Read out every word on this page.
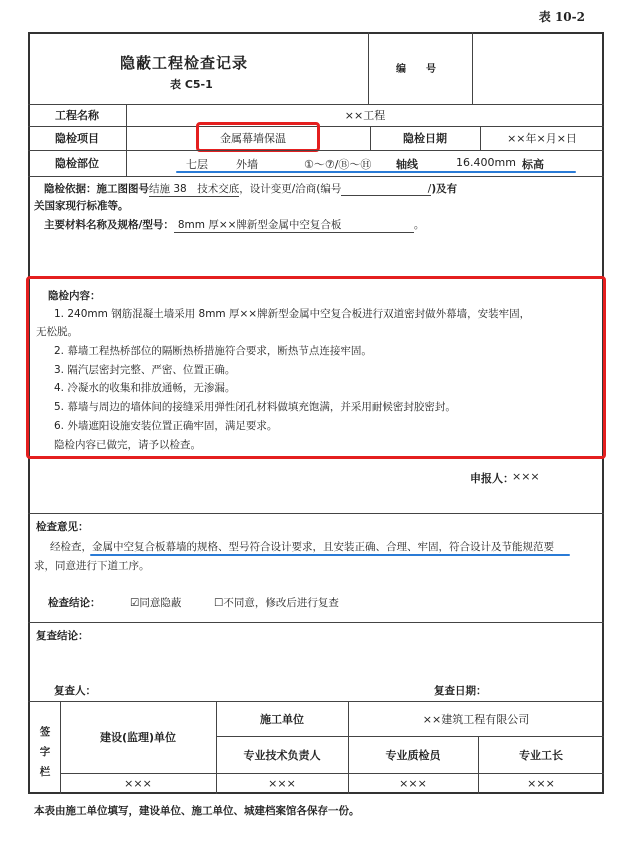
表 10-2
隐蔽工程检查记录
表 C5-1
编　　号
工程名称	××工程
隐检项目	金属幕墙保温	隐检日期	××年×月×日
隐检部位	七层	外墙	①～⑦/Ⓑ～Ⓗ 轴线	16.400mm 标高
隐检依据：施工图图号结施 38　技术交底，设计变更/洽商(编号	/)及有
关国家现行标准等。
主要材料名称及规格/型号： 8mm 厚××牌新型金属中空复合板	。
隐检内容：
1. 240mm 钢筋混凝土墙采用 8mm 厚××牌新型金属中空复合板进行双道密封做外幕墙，安装牢固，
无松脱。
2. 幕墙工程热桥部位的隔断热桥措施符合要求，断热节点连接牢固。
3. 隔汽层密封完整、严密、位置正确。
4. 冷凝水的收集和排放通畅，无渗漏。
5. 幕墙与周边的墙体间的接缝采用弹性闭孔材料做填充饱满，并采用耐候密封胶密封。
6. 外墙遮阳设施安装位置正确牢固，满足要求。
隐检内容已做完，请予以检查。
申报人：
×××
检查意见：
经检查，金属中空复合板幕墙的规格、型号符合设计要求，且安装正确、合理、牢固，符合设计及节能规范要
求，同意进行下道工序。
检查结论：	☑同意隐蔽	☐不同意，修改后进行复查
复查结论：
复查人：	复查日期：
签
字
栏
建设(监理)单位
施工单位	××建筑工程有限公司
专业技术负责人	专业质检员	专业工长
×××	×××	×××	×××
本表由施工单位填写，建设单位、施工单位、城建档案馆各保存一份。
